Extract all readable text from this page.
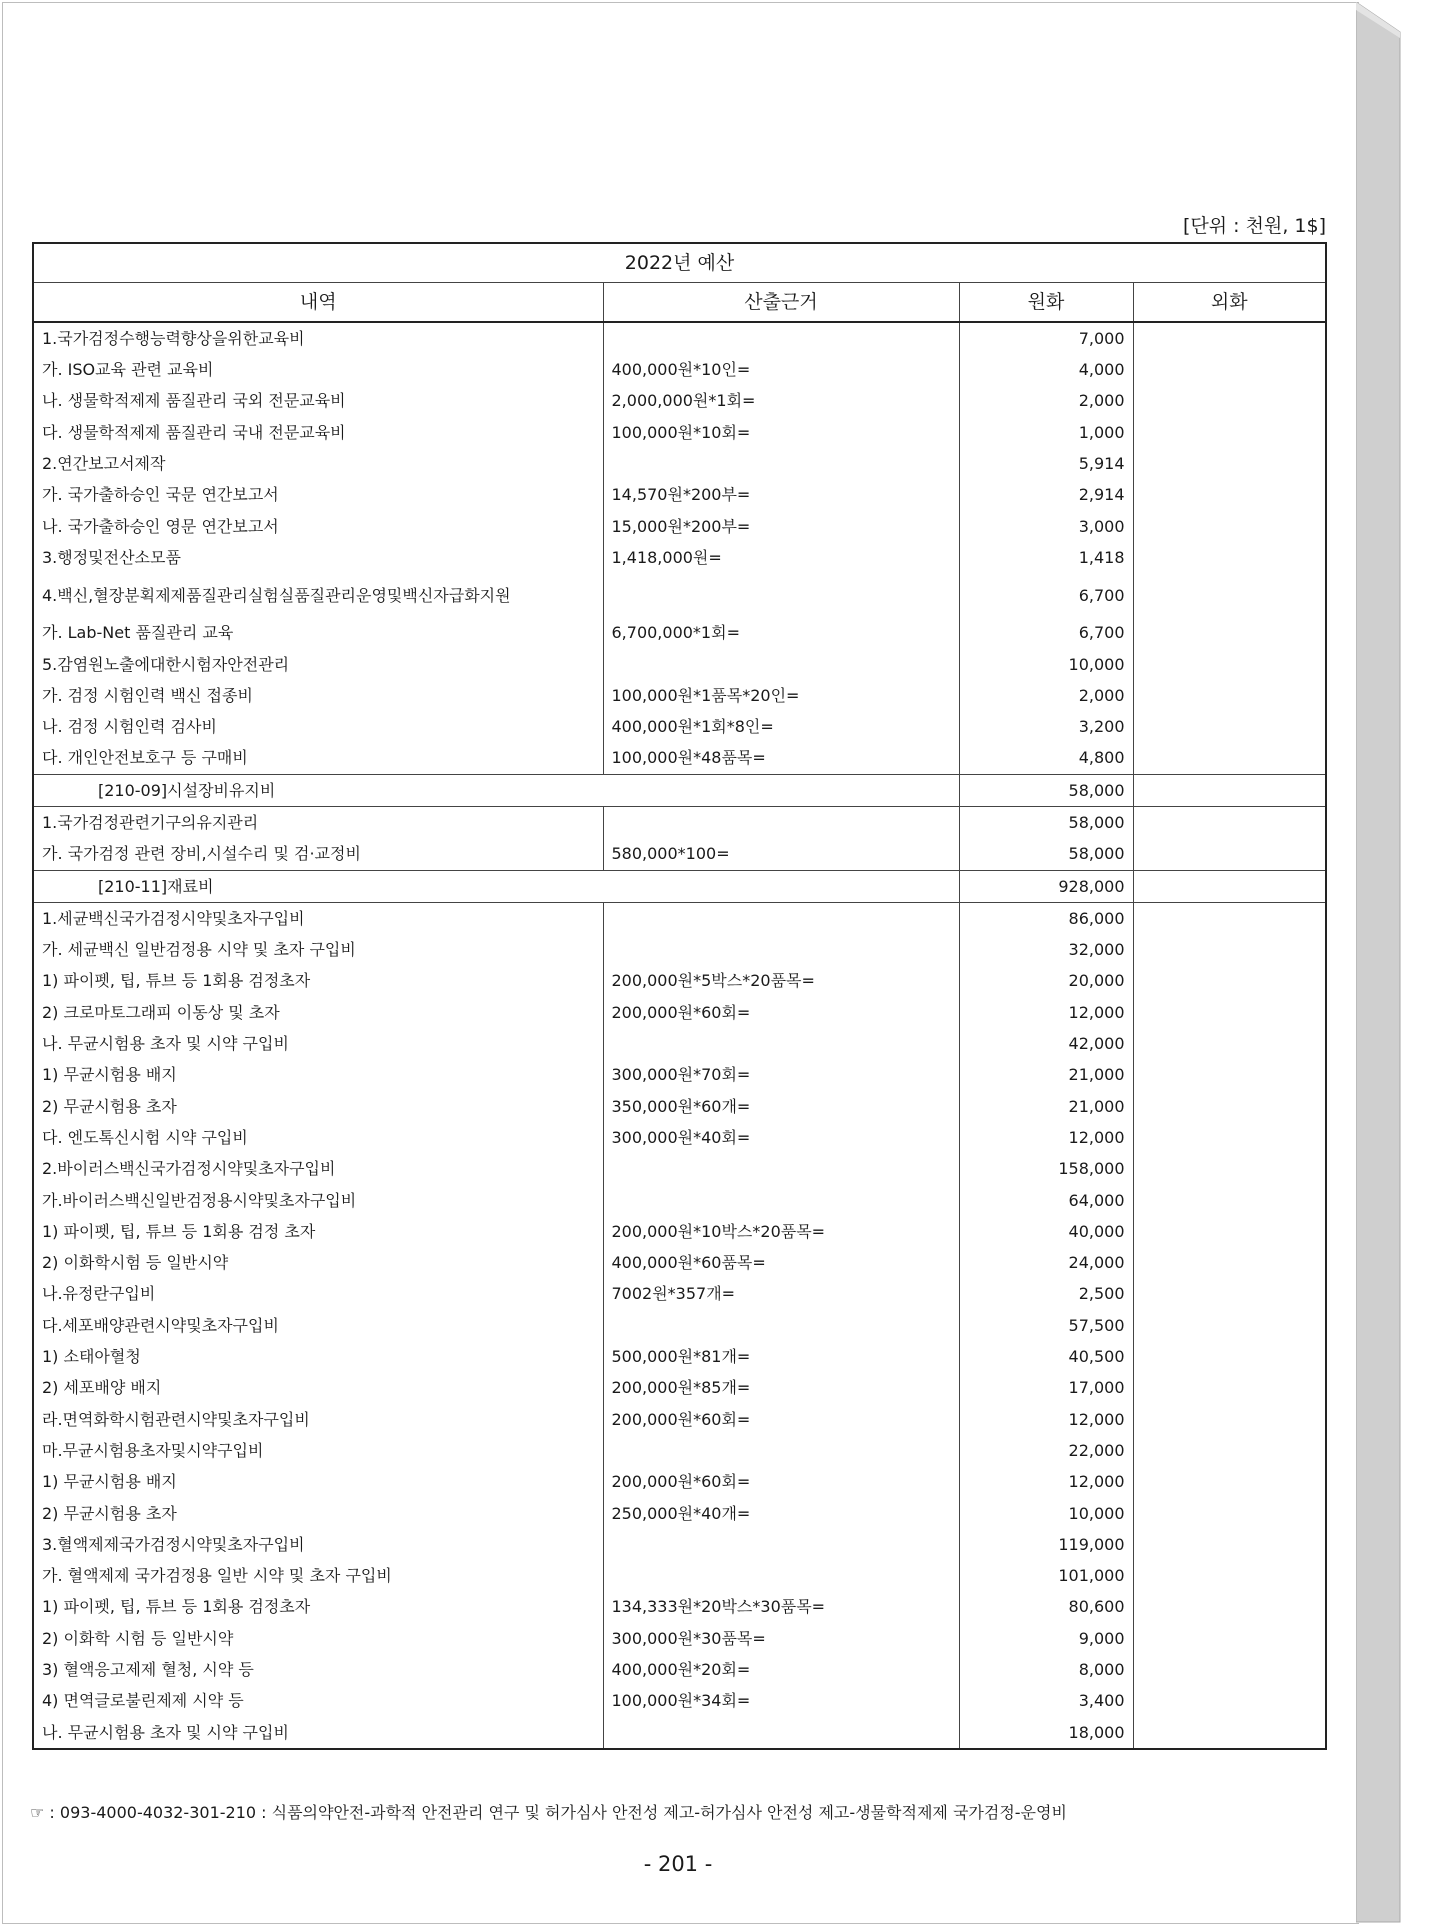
[단위 : 천원, 1$]
2022년 예산			
내역	산출근거	원화	외화
1.국가검정수행능력향상을위한교육비		7,000	
가. ISO교육 관련 교육비	400,000원*10인=	4,000	
나. 생물학적제제 품질관리 국외 전문교육비	2,000,000원*1회=	2,000	
다. 생물학적제제 품질관리 국내 전문교육비	100,000원*10회=	1,000	
2.연간보고서제작		5,914	
가. 국가출하승인 국문 연간보고서	14,570원*200부=	2,914	
나. 국가출하승인 영문 연간보고서	15,000원*200부=	3,000	
3.행정및전산소모품	1,418,000원=	1,418	
4.백신,혈장분획제제품질관리실험실품질관리운영및백신자급화지원		6,700	
가. Lab-Net 품질관리 교육	6,700,000*1회=	6,700	
5.감염원노출에대한시험자안전관리		10,000	
가. 검정 시험인력 백신 접종비	100,000원*1품목*20인=	2,000	
나. 검정 시험인력 검사비	400,000원*1회*8인=	3,200	
다. 개인안전보호구 등 구매비	100,000원*48품목=	4,800	
[210-09]시설장비유지비		58,000	
1.국가검정관련기구의유지관리		58,000	
가. 국가검정 관련 장비,시설수리 및 검·교정비	580,000*100=	58,000	
[210-11]재료비		928,000	
1.세균백신국가검정시약및초자구입비		86,000	
가. 세균백신 일반검정용 시약 및 초자 구입비		32,000	
1) 파이펫, 팁, 튜브 등 1회용 검정초자	200,000원*5박스*20품목=	20,000	
2) 크로마토그래피 이동상 및 초자	200,000원*60회=	12,000	
나. 무균시험용 초자 및 시약 구입비		42,000	
1) 무균시험용 배지	300,000원*70회=	21,000	
2) 무균시험용 초자	350,000원*60개=	21,000	
다. 엔도톡신시험 시약 구입비	300,000원*40회=	12,000	
2.바이러스백신국가검정시약및초자구입비		158,000	
가.바이러스백신일반검정용시약및초자구입비		64,000	
1) 파이펫, 팁, 튜브 등 1회용 검정 초자	200,000원*10박스*20품목=	40,000	
2) 이화학시험 등 일반시약	400,000원*60품목=	24,000	
나.유정란구입비	7002원*357개=	2,500	
다.세포배양관련시약및초자구입비		57,500	
1) 소태아혈청	500,000원*81개=	40,500	
2) 세포배양 배지	200,000원*85개=	17,000	
라.면역화학시험관련시약및초자구입비	200,000원*60회=	12,000	
마.무균시험용초자및시약구입비		22,000	
1) 무균시험용 배지	200,000원*60회=	12,000	
2) 무균시험용 초자	250,000원*40개=	10,000	
3.혈액제제국가검정시약및초자구입비		119,000	
가. 혈액제제 국가검정용 일반 시약 및 초자 구입비		101,000	
1) 파이펫, 팁, 튜브 등 1회용 검정초자	134,333원*20박스*30품목=	80,600	
2) 이화학 시험 등 일반시약	300,000원*30품목=	9,000	
3) 혈액응고제제 혈청, 시약 등	400,000원*20회=	8,000	
4) 면역글로불린제제 시약 등	100,000원*34회=	3,400	
나. 무균시험용 초자 및 시약 구입비		18,000	
☞ : 093-4000-4032-301-210 : 식품의약안전-과학적 안전관리 연구 및 허가심사 안전성 제고-허가심사 안전성 제고-생물학적제제 국가검정-운영비
- 201 -
